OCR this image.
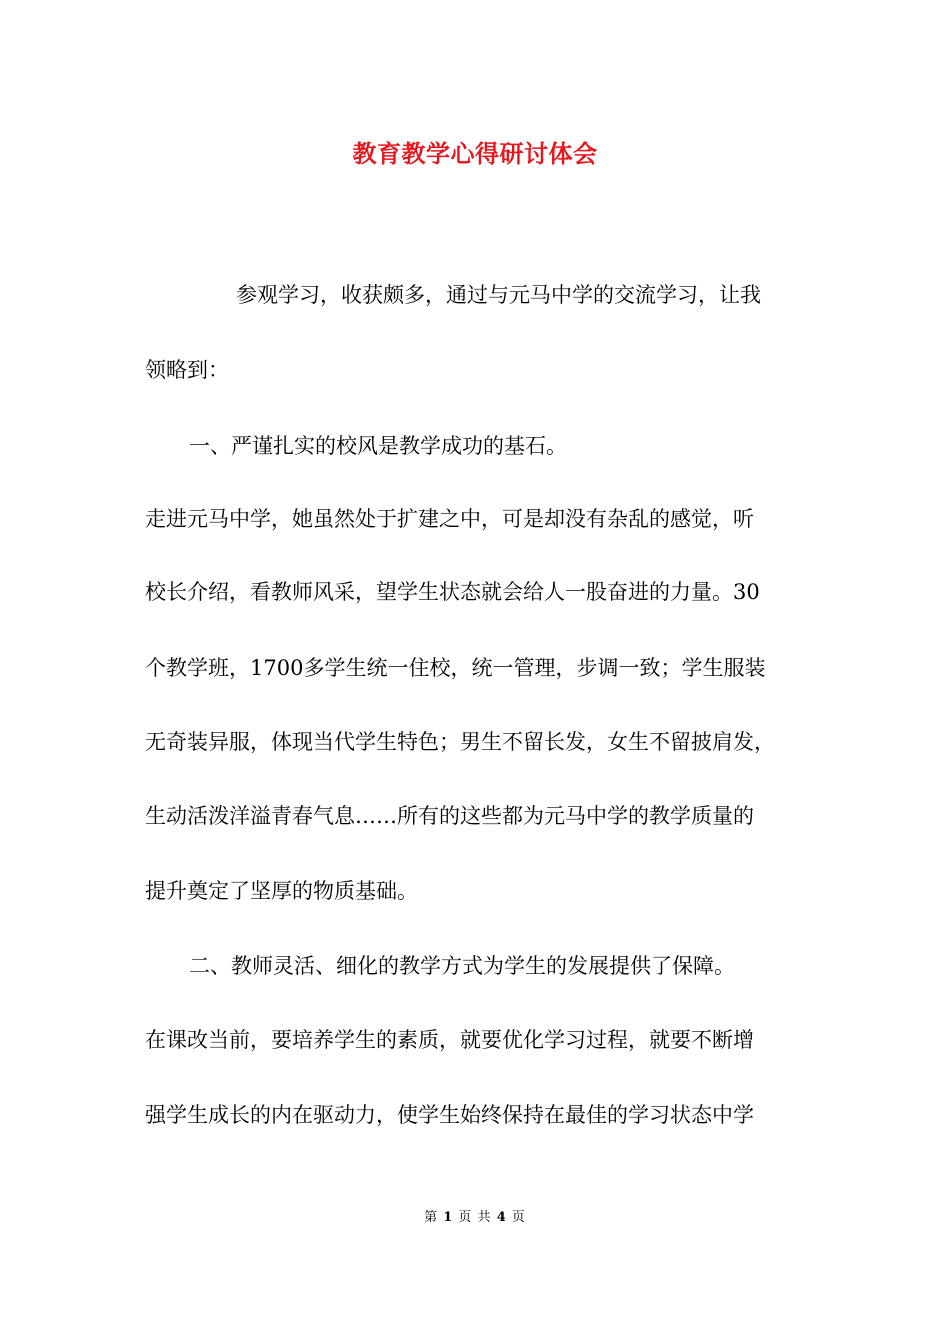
教育教学心得研讨体会
参观学习，收获颇多，通过与元马中学的交流学习，让我
领略到：
一、严谨扎实的校风是教学成功的基石。
走进元马中学，她虽然处于扩建之中，可是却没有杂乱的感觉，听
校长介绍，看教师风采，望学生状态就会给人一股奋进的力量。30
个教学班，1700多学生统一住校，统一管理，步调一致；学生服装
无奇装异服，体现当代学生特色；男生不留长发，女生不留披肩发，
生动活泼洋溢青春气息……所有的这些都为元马中学的教学质量的
提升奠定了坚厚的物质基础。
二、教师灵活、细化的教学方式为学生的发展提供了保障。
在课改当前，要培养学生的素质，就要优化学习过程，就要不断增
强学生成长的内在驱动力，使学生始终保持在最佳的学习状态中学
第 1 页 共 4 页
